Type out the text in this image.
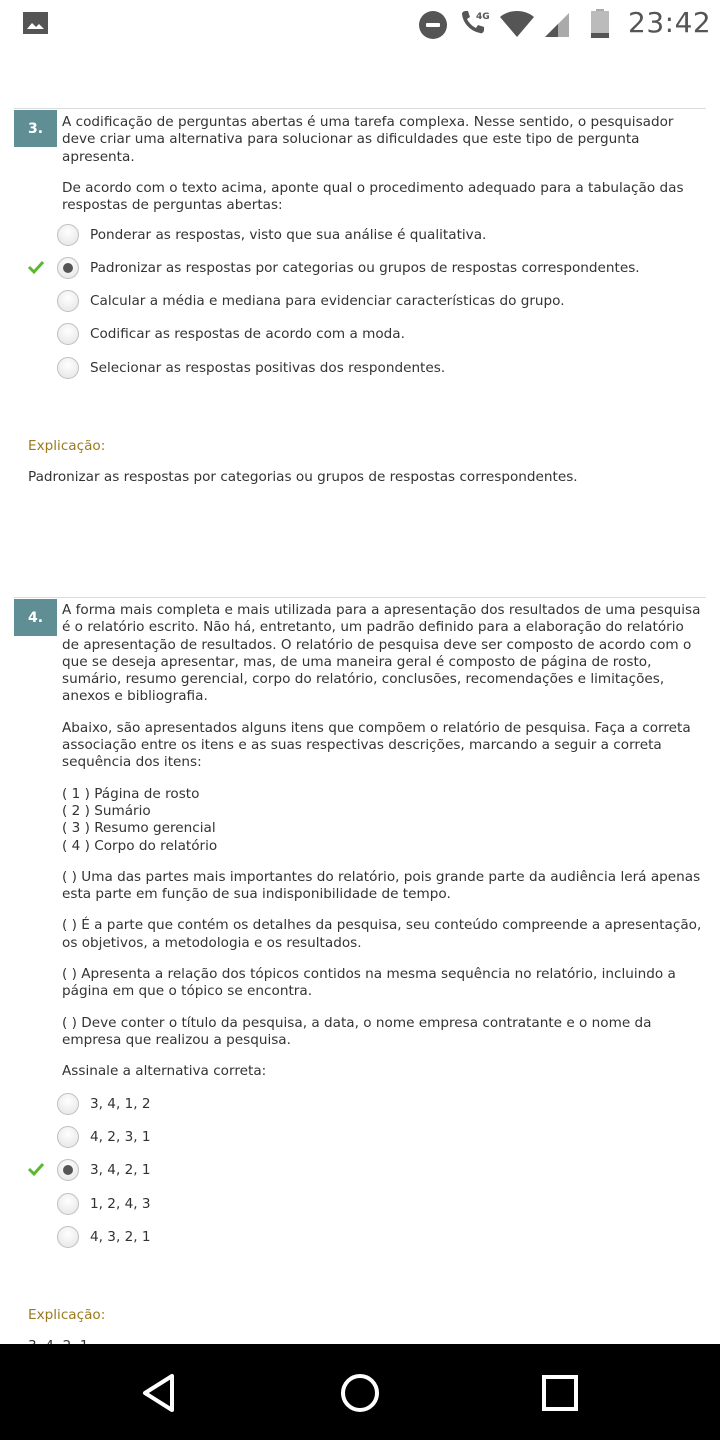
4G	23:42
3.	A codificação de perguntas abertas é uma tarefa complexa. Nesse sentido, o pesquisador deve criar uma alternativa para solucionar as dificuldades que este tipo de pergunta apresenta.

De acordo com o texto acima, aponte qual o procedimento adequado para a tabulação das respostas de perguntas abertas:

Ponderar as respostas, visto que sua análise é qualitativa.
Padronizar as respostas por categorias ou grupos de respostas correspondentes.
Calcular a média e mediana para evidenciar características do grupo.
Codificar as respostas de acordo com a moda.
Selecionar as respostas positivas dos respondentes.
Explicação:
Padronizar as respostas por categorias ou grupos de respostas correspondentes.
4.	A forma mais completa e mais utilizada para a apresentação dos resultados de uma pesquisa é o relatório escrito. Não há, entretanto, um padrão definido para a elaboração do relatório de apresentação de resultados. O relatório de pesquisa deve ser composto de acordo com o que se deseja apresentar, mas, de uma maneira geral é composto de página de rosto, sumário, resumo gerencial, corpo do relatório, conclusões, recomendações e limitações, anexos e bibliografia.

Abaixo, são apresentados alguns itens que compõem o relatório de pesquisa. Faça a correta associação entre os itens e as suas respectivas descrições, marcando a seguir a correta sequência dos itens:

( 1 ) Página de rosto
( 2 ) Sumário
( 3 ) Resumo gerencial
( 4 ) Corpo do relatório

( ) Uma das partes mais importantes do relatório, pois grande parte da audiência lerá apenas esta parte em função de sua indisponibilidade de tempo.

( ) É a parte que contém os detalhes da pesquisa, seu conteúdo compreende a apresentação, os objetivos, a metodologia e os resultados.

( ) Apresenta a relação dos tópicos contidos na mesma sequência no relatório, incluindo a página em que o tópico se encontra.

( ) Deve conter o título da pesquisa, a data, o nome empresa contratante e o nome da empresa que realizou a pesquisa.

Assinale a alternativa correta:

3, 4, 1, 2
4, 2, 3, 1
3, 4, 2, 1
1, 2, 4, 3
4, 3, 2, 1
Explicação:
